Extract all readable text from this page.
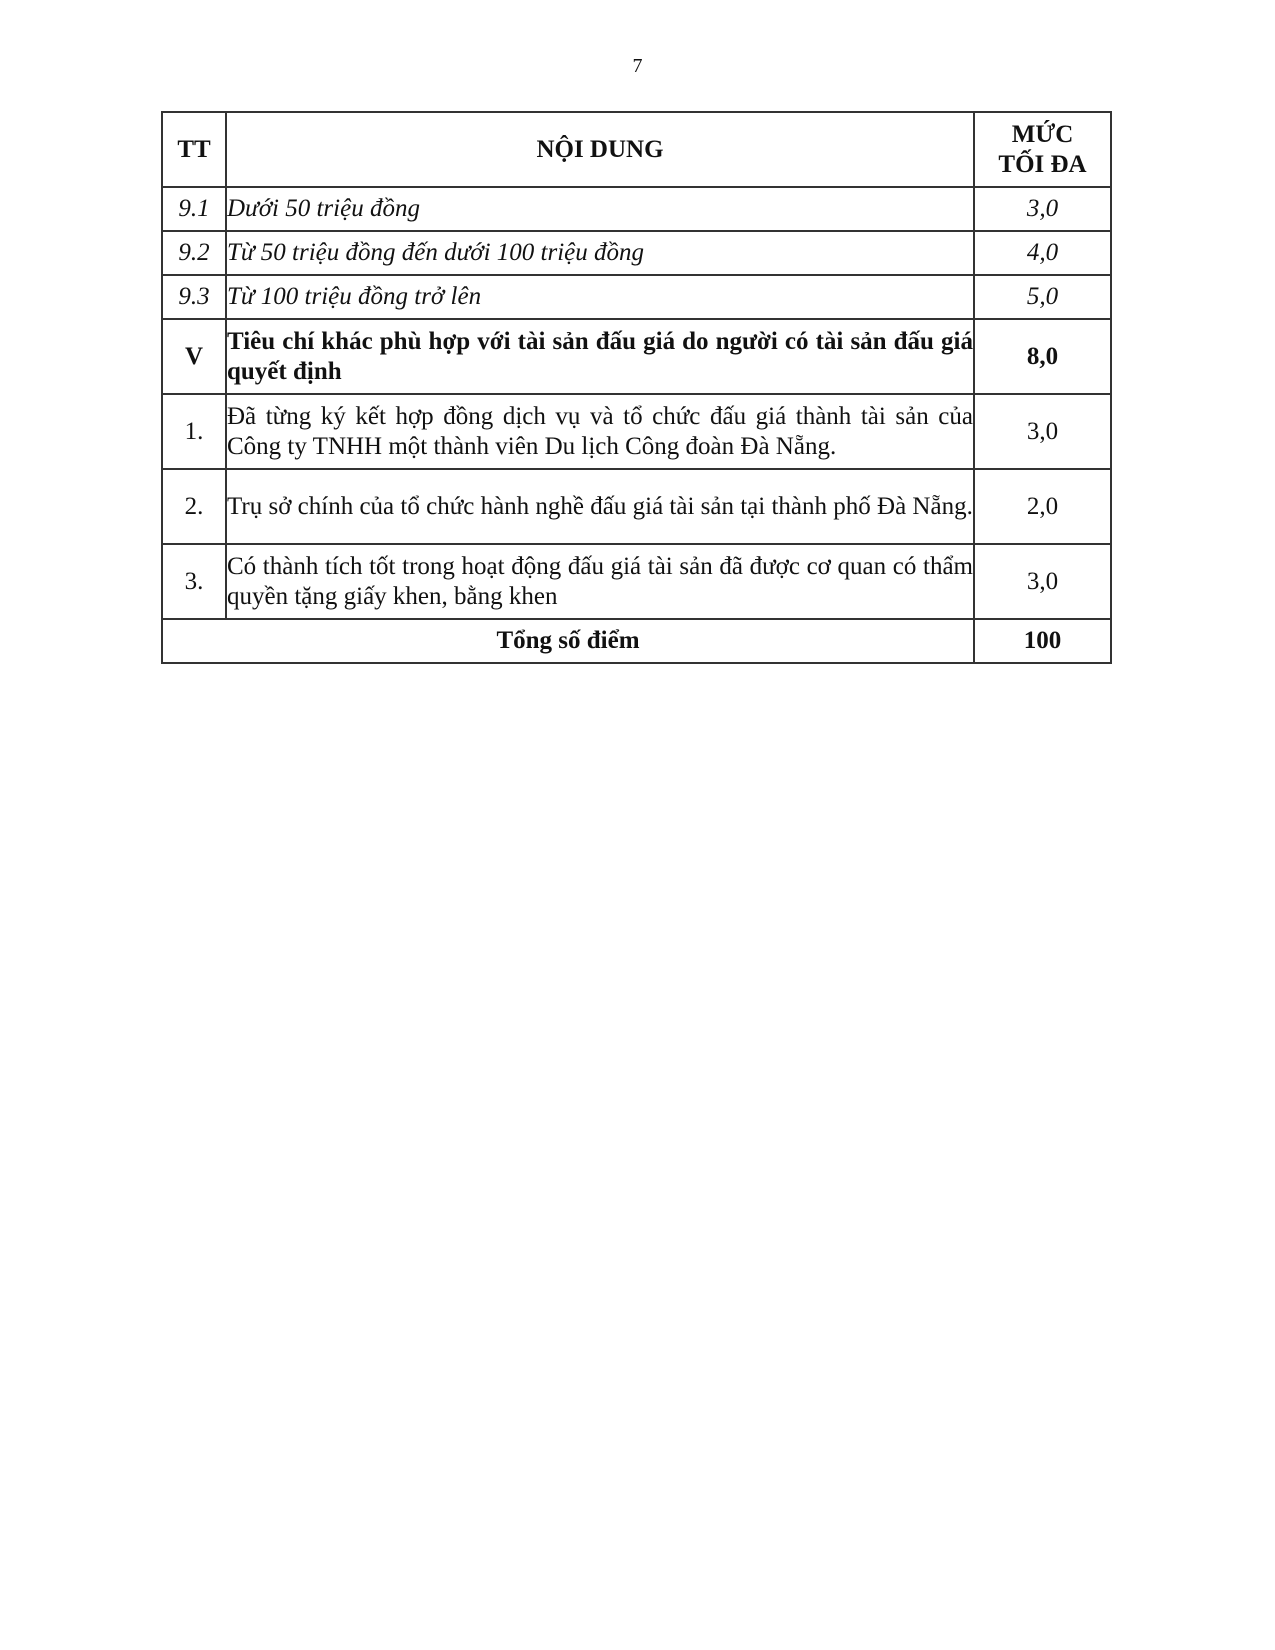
7
TT	NỘI DUNG	MỨC
TỐI ĐA
9.1	Dưới 50 triệu đồng	3,0
9.2	Từ 50 triệu đồng đến dưới 100 triệu đồng	4,0
9.3	Từ 100 triệu đồng trở lên	5,0
V	Tiêu chí khác phù hợp với tài sản đấu giá do người có tài sản đấu giá quyết định	8,0
1.	Đã từng ký kết hợp đồng dịch vụ và tổ chức đấu giá thành tài sản của Công ty TNHH một thành viên Du lịch Công đoàn Đà Nẵng.	3,0
2.	Trụ sở chính của tổ chức hành nghề đấu giá tài sản tại thành phố Đà Nẵng.	2,0
3.	Có thành tích tốt trong hoạt động đấu giá tài sản đã được cơ quan có thẩm quyền tặng giấy khen, bằng khen	3,0
Tổng số điểm		100
